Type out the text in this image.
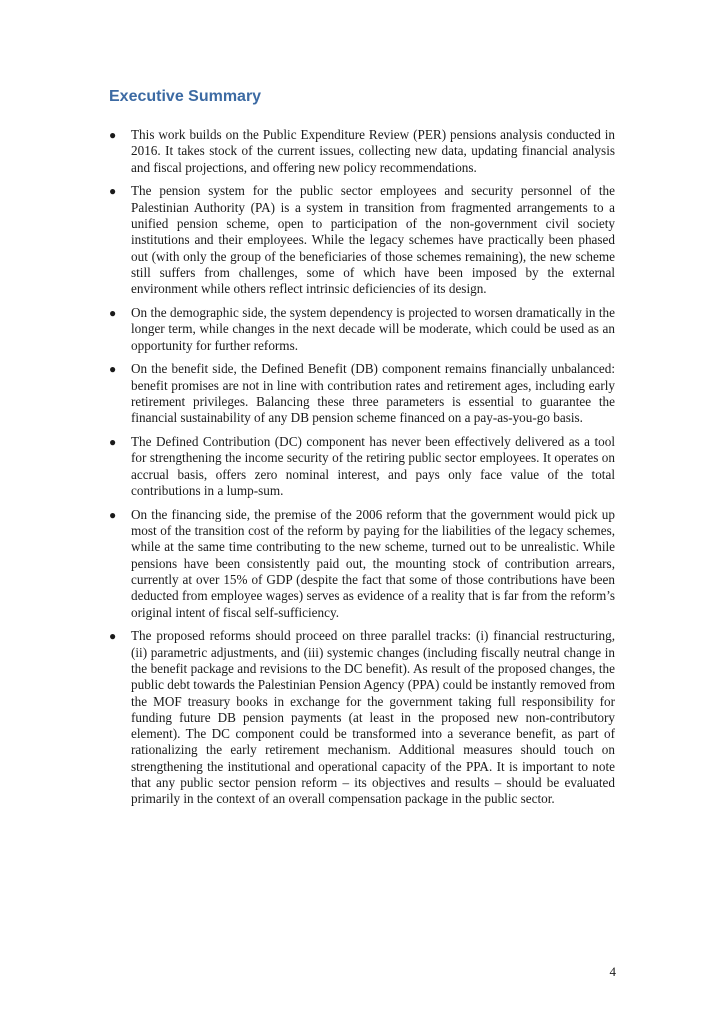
Executive Summary
● This work builds on the Public Expenditure Review (PER) pensions analysis conducted in 2016. It takes stock of the current issues, collecting new data, updating financial analysis and fiscal projections, and offering new policy recommendations.
● The pension system for the public sector employees and security personnel of the Palestinian Authority (PA) is a system in transition from fragmented arrangements to a unified pension scheme, open to participation of the non-government civil society institutions and their employees. While the legacy schemes have practically been phased out (with only the group of the beneficiaries of those schemes remaining), the new scheme still suffers from challenges, some of which have been imposed by the external environment while others reflect intrinsic deficiencies of its design.
● On the demographic side, the system dependency is projected to worsen dramatically in the longer term, while changes in the next decade will be moderate, which could be used as an opportunity for further reforms.
● On the benefit side, the Defined Benefit (DB) component remains financially unbalanced: benefit promises are not in line with contribution rates and retirement ages, including early retirement privileges. Balancing these three parameters is essential to guarantee the financial sustainability of any DB pension scheme financed on a pay-as-you-go basis.
● The Defined Contribution (DC) component has never been effectively delivered as a tool for strengthening the income security of the retiring public sector employees. It operates on accrual basis, offers zero nominal interest, and pays only face value of the total contributions in a lump-sum.
● On the financing side, the premise of the 2006 reform that the government would pick up most of the transition cost of the reform by paying for the liabilities of the legacy schemes, while at the same time contributing to the new scheme, turned out to be unrealistic. While pensions have been consistently paid out, the mounting stock of contribution arrears, currently at over 15% of GDP (despite the fact that some of those contributions have been deducted from employee wages) serves as evidence of a reality that is far from the reform’s original intent of fiscal self-sufficiency.
● The proposed reforms should proceed on three parallel tracks: (i) financial restructuring, (ii) parametric adjustments, and (iii) systemic changes (including fiscally neutral change in the benefit package and revisions to the DC benefit). As result of the proposed changes, the public debt towards the Palestinian Pension Agency (PPA) could be instantly removed from the MOF treasury books in exchange for the government taking full responsibility for funding future DB pension payments (at least in the proposed new non-contributory element). The DC component could be transformed into a severance benefit, as part of rationalizing the early retirement mechanism. Additional measures should touch on strengthening the institutional and operational capacity of the PPA. It is important to note that any public sector pension reform – its objectives and results – should be evaluated primarily in the context of an overall compensation package in the public sector.
4
